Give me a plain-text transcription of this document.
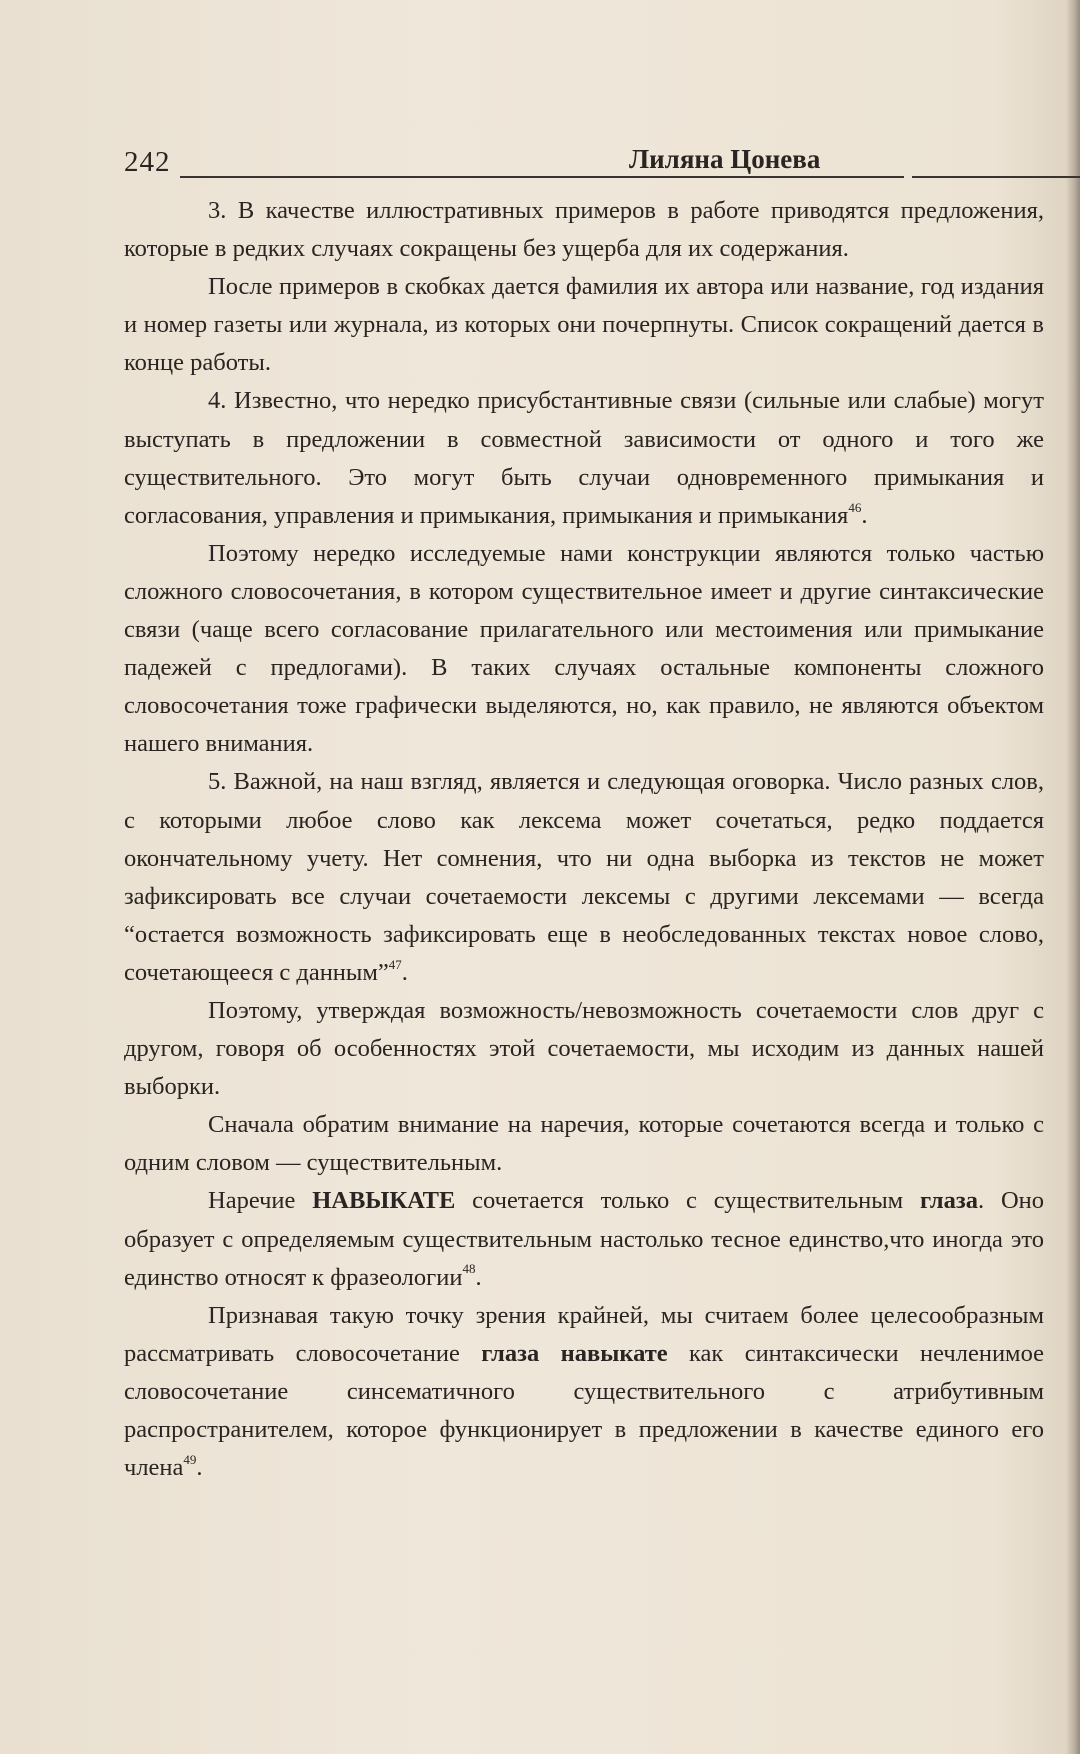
242	Лиляна Цонева

3. В качестве иллюстративных примеров в работе приводятся предложения, которые в редких случаях сокращены без ущерба для их содержания.

После примеров в скобках дается фамилия их автора или название, год издания и номер газеты или журнала, из которых они почерпнуты. Список сокращений дается в конце работы.

4. Известно, что нередко присубстантивные связи (сильные или слабые) могут выступать в предложении в совместной зависимости от одного и того же существительного. Это могут быть случаи одновременного примыкания и согласования, управления и примыкания, примыкания и примыкания$^{46}$.

Поэтому нередко исследуемые нами конструкции являются только частью сложного словосочетания, в котором существительное имеет и другие синтаксические связи (чаще всего согласование прилагательного или местоимения или примыкание падежей с предлогами). В таких случаях остальные компоненты сложного словосочетания тоже графически выделяются, но, как правило, не являются объектом нашего внимания.

5. Важной, на наш взгляд, является и следующая оговорка. Число разных слов, с которыми любое слово как лексема может сочетаться, редко поддается окончательному учету. Нет сомнения, что ни одна выборка из текстов не может зафиксировать все случаи сочетаемости лексемы с другими лексемами — всегда “остается возможность зафиксировать еще в необследованных текстах новое слово, сочетающееся с данным”$^{47}$.

Поэтому, утверждая возможность/невозможность сочетаемости слов друг с другом, говоря об особенностях этой сочетаемости, мы исходим из данных нашей выборки.

Сначала обратим внимание на наречия, которые сочетаются всегда и только с одним словом — существительным.

Наречие НАВЫКАТЕ сочетается только с существительным глаза. Оно образует с определяемым существительным настолько тесное единство,что иногда это единство относят к фразеологии$^{48}$.

Признавая такую точку зрения крайней, мы считаем более целесообразным рассматривать словосочетание глаза навыкате как синтаксически нечленимое словосочетание синсематичного существительного с атрибутивным распространителем, которое функционирует в предложении в качестве единого его члена$^{49}$.
